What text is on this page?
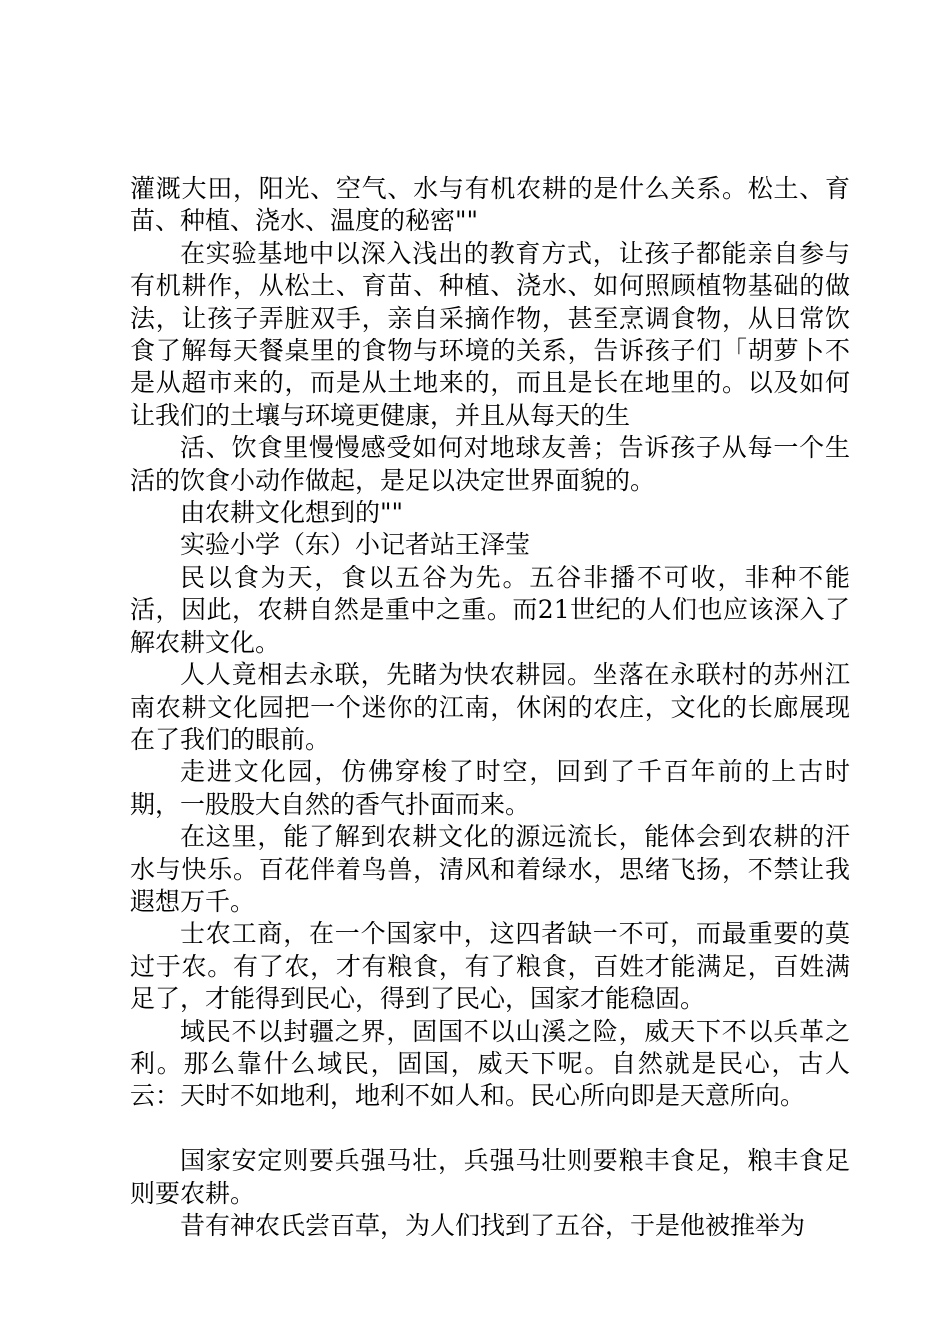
灌溉大田，阳光、空气、水与有机农耕的是什么关系。松土、育苗、种植、浇水、温度的秘密""

在实验基地中以深入浅出的教育方式，让孩子都能亲自参与有机耕作，从松土、育苗、种植、浇水、如何照顾植物基础的做法，让孩子弄脏双手，亲自采摘作物，甚至烹调食物，从日常饮食了解每天餐桌里的食物与环境的关系，告诉孩子们「胡萝卜不是从超市来的，而是从土地来的，而且是长在地里的。以及如何让我们的土壤与环境更健康，并且从每天的生

活、饮食里慢慢感受如何对地球友善；告诉孩子从每一个生活的饮食小动作做起，是足以决定世界面貌的。

由农耕文化想到的""

实验小学（东）小记者站王泽莹

民以食为天，食以五谷为先。五谷非播不可收，非种不能活，因此，农耕自然是重中之重。而21世纪的人们也应该深入了解农耕文化。

人人竟相去永联，先睹为快农耕园。坐落在永联村的苏州江南农耕文化园把一个迷你的江南，休闲的农庄，文化的长廊展现在了我们的眼前。

走进文化园，仿佛穿梭了时空，回到了千百年前的上古时期，一股股大自然的香气扑面而来。

在这里，能了解到农耕文化的源远流长，能体会到农耕的汗水与快乐。百花伴着鸟兽，清风和着绿水，思绪飞扬，不禁让我遐想万千。

士农工商，在一个国家中，这四者缺一不可，而最重要的莫过于农。有了农，才有粮食，有了粮食，百姓才能满足，百姓满足了，才能得到民心，得到了民心，国家才能稳固。

域民不以封疆之界，固国不以山溪之险，威天下不以兵革之利。那么靠什么域民，固国，威天下呢。自然就是民心，古人云：天时不如地利，地利不如人和。民心所向即是天意所向。

国家安定则要兵强马壮，兵强马壮则要粮丰食足，粮丰食足则要农耕。

昔有神农氏尝百草，为人们找到了五谷，于是他被推举为
